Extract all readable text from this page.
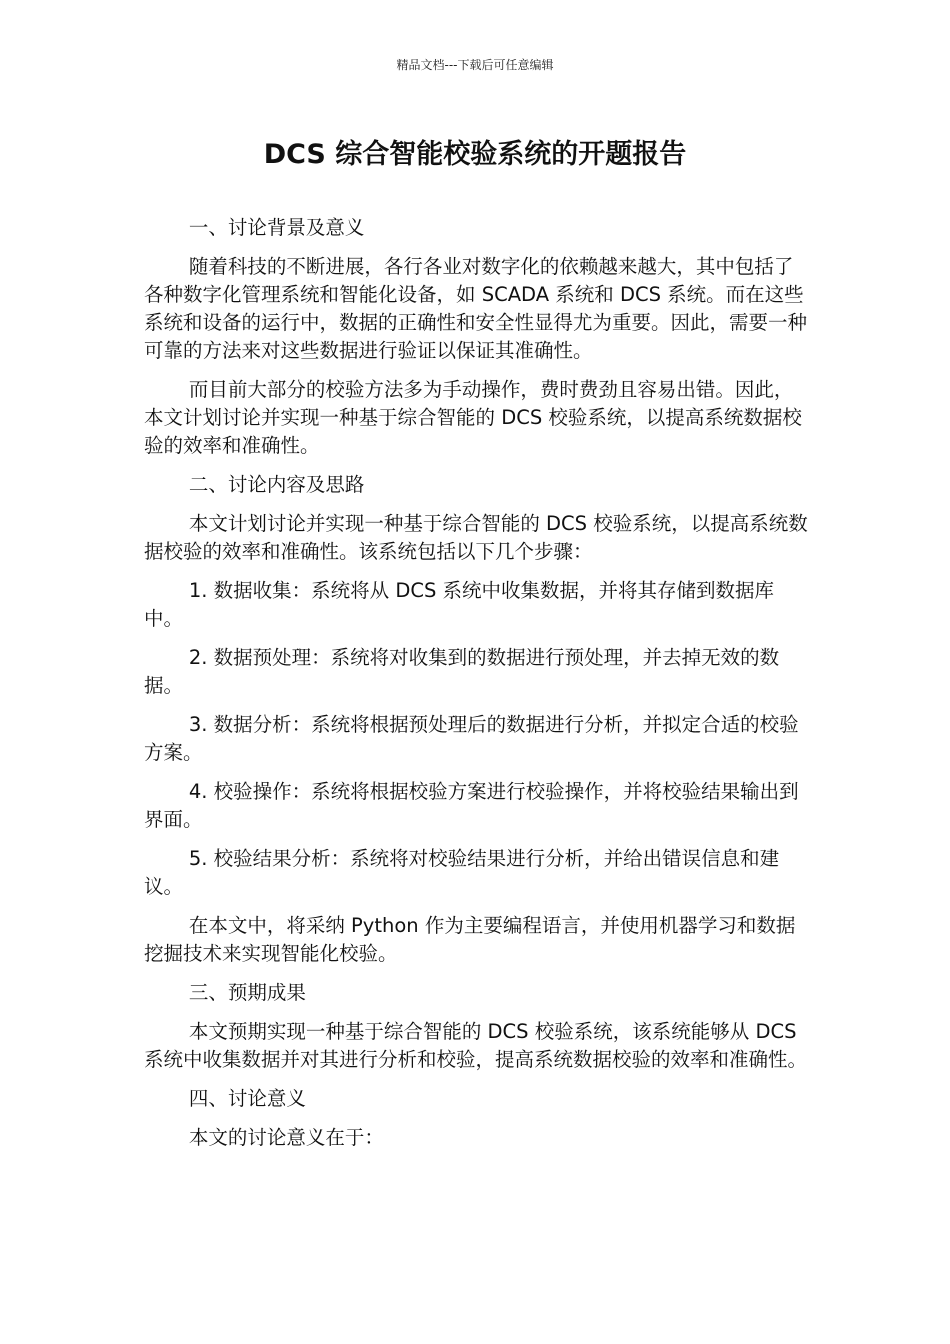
精品文档---下载后可任意编辑
DCS 综合智能校验系统的开题报告

一、讨论背景及意义

随着科技的不断进展，各行各业对数字化的依赖越来越大，其中包括了各种数字化管理系统和智能化设备，如 SCADA 系统和 DCS 系统。而在这些系统和设备的运行中，数据的正确性和安全性显得尤为重要。因此，需要一种可靠的方法来对这些数据进行验证以保证其准确性。

而目前大部分的校验方法多为手动操作，费时费劲且容易出错。因此，本文计划讨论并实现一种基于综合智能的 DCS 校验系统，以提高系统数据校验的效率和准确性。

二、讨论内容及思路

本文计划讨论并实现一种基于综合智能的 DCS 校验系统，以提高系统数据校验的效率和准确性。该系统包括以下几个步骤：

1. 数据收集：系统将从 DCS 系统中收集数据，并将其存储到数据库中。

2. 数据预处理：系统将对收集到的数据进行预处理，并去掉无效的数据。

3. 数据分析：系统将根据预处理后的数据进行分析，并拟定合适的校验方案。

4. 校验操作：系统将根据校验方案进行校验操作，并将校验结果输出到界面。

5. 校验结果分析：系统将对校验结果进行分析，并给出错误信息和建议。

在本文中，将采纳 Python 作为主要编程语言，并使用机器学习和数据挖掘技术来实现智能化校验。

三、预期成果

本文预期实现一种基于综合智能的 DCS 校验系统，该系统能够从 DCS 系统中收集数据并对其进行分析和校验，提高系统数据校验的效率和准确性。

四、讨论意义

本文的讨论意义在于：
